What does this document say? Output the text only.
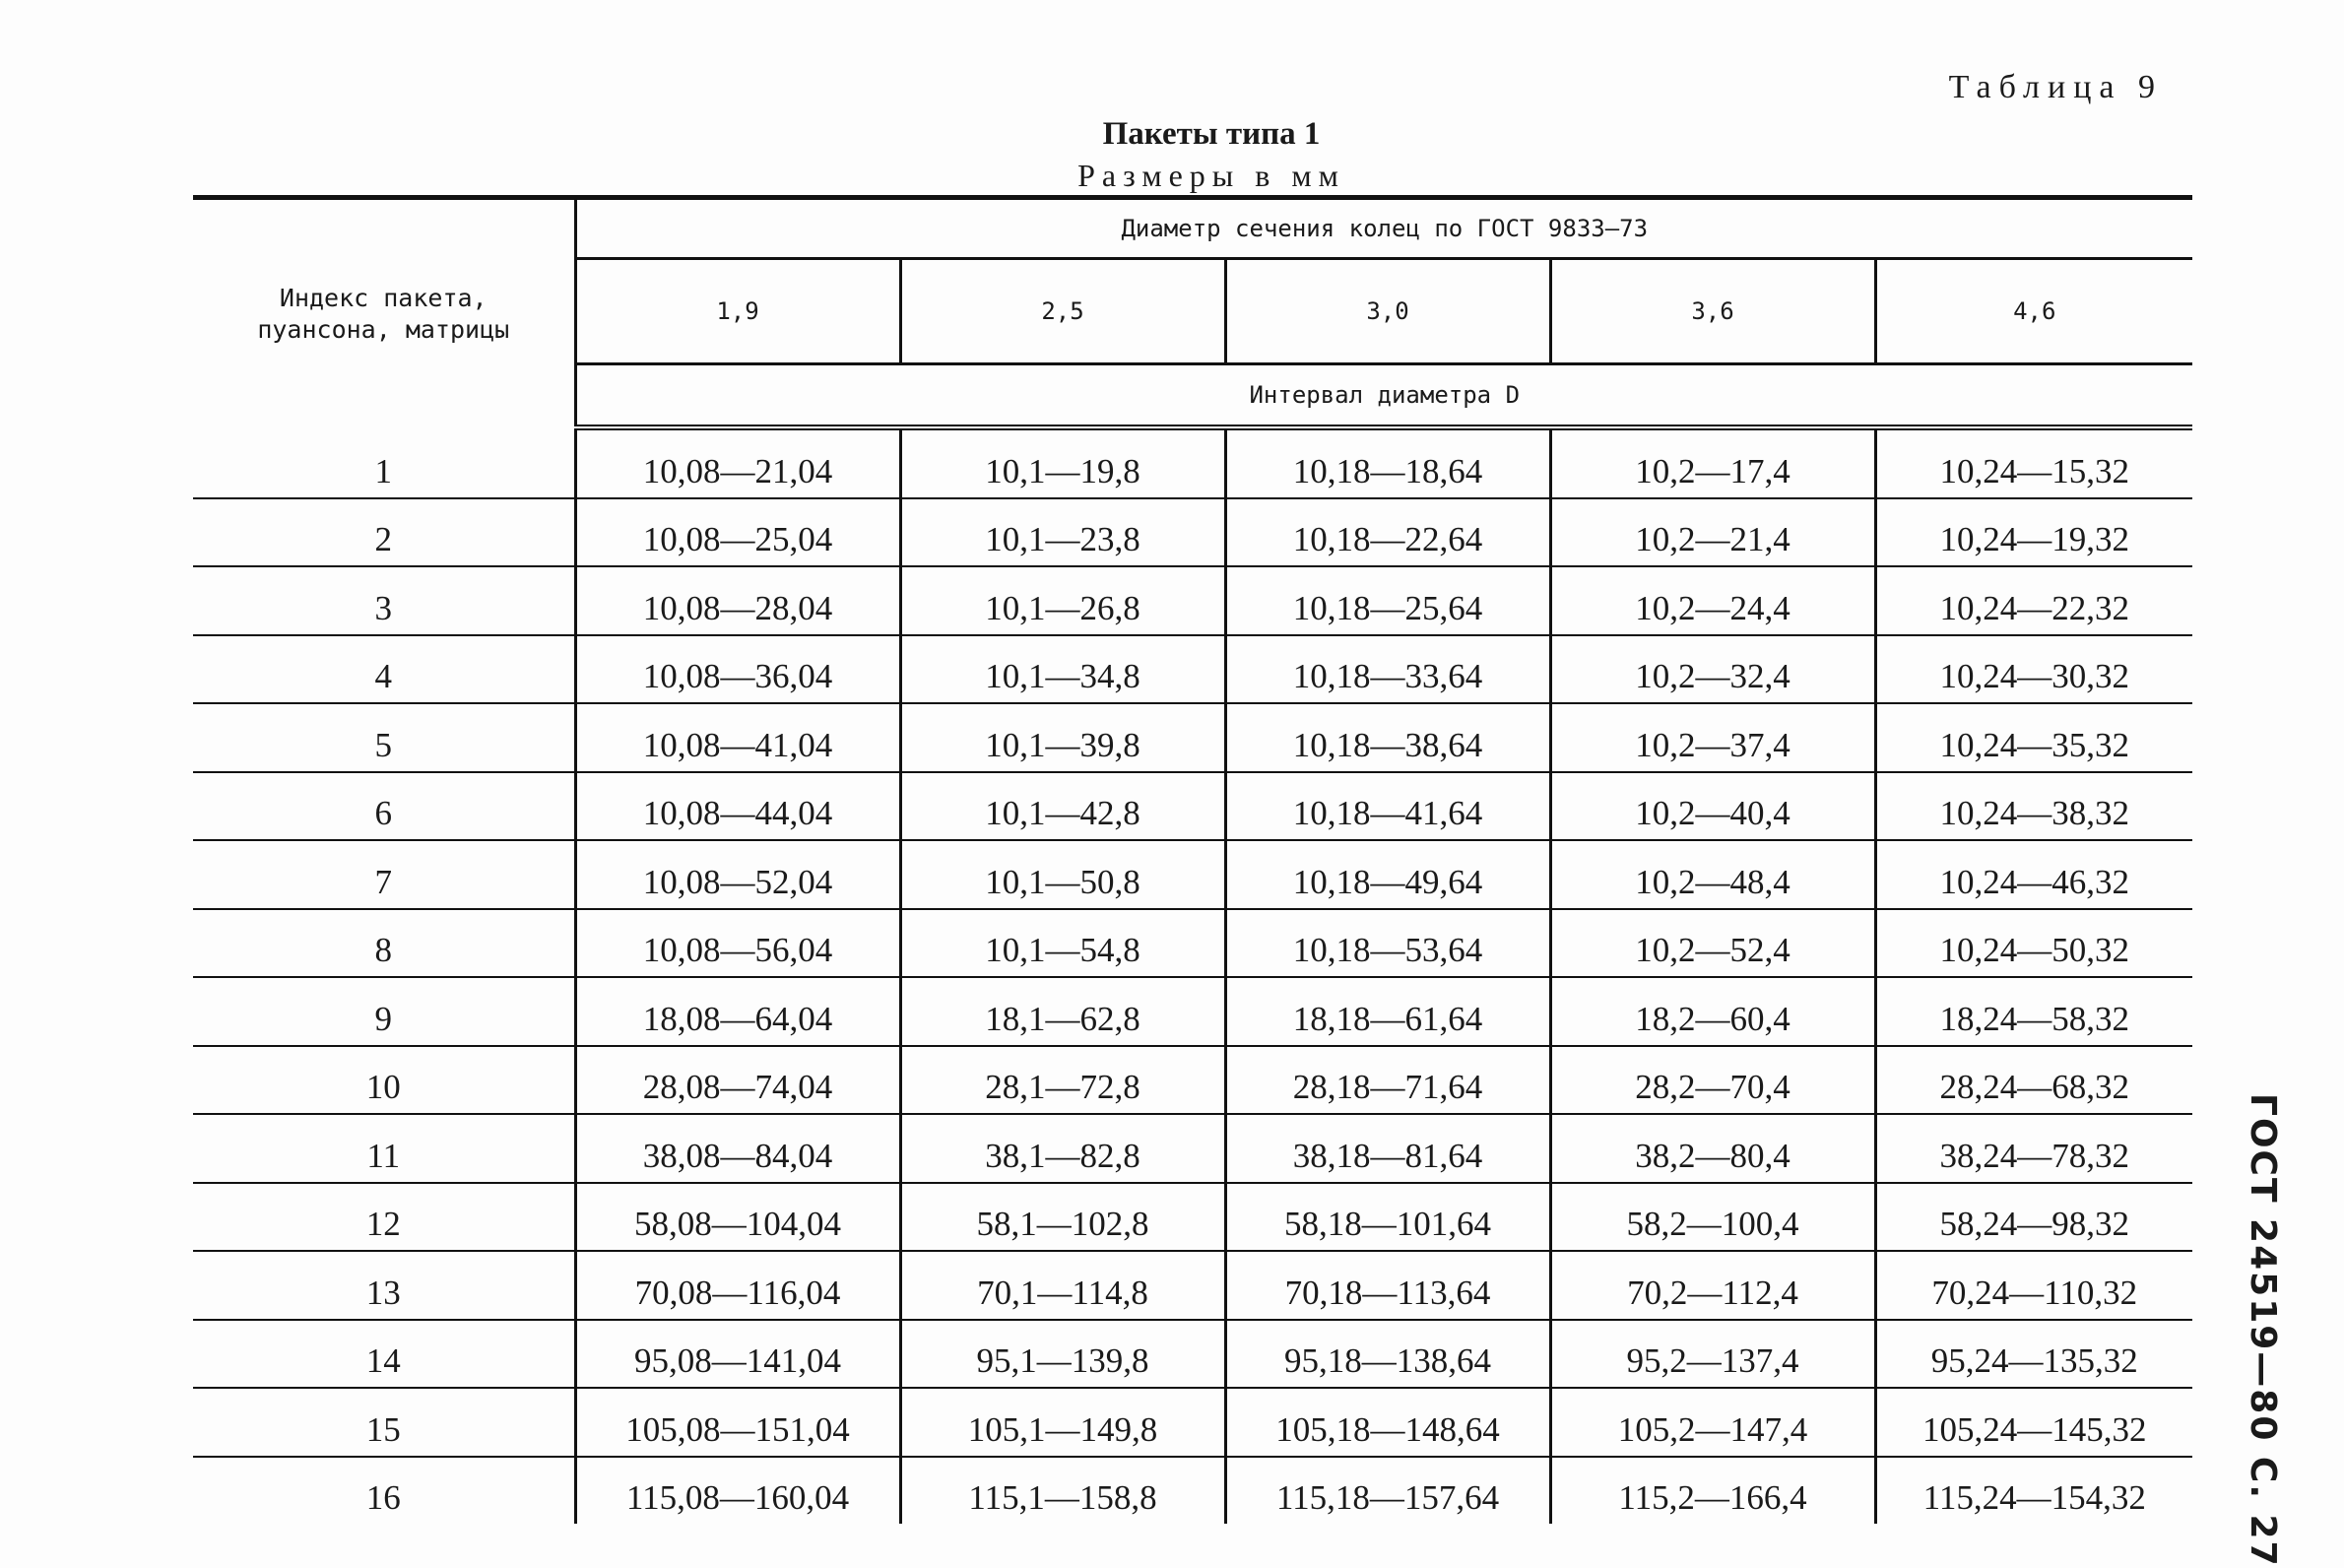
Таблица 9
Пакеты типа 1
Размеры в мм
Индекс пакета,
пуансона, матрицы	Диаметр сечения колец по ГОСТ 9833—73				
	1,9	2,5	3,0	3,6	4,6
	Интервал диаметра D				
1	10,08—21,04	10,1—19,8	10,18—18,64	10,2—17,4	10,24—15,32
2	10,08—25,04	10,1—23,8	10,18—22,64	10,2—21,4	10,24—19,32
3	10,08—28,04	10,1—26,8	10,18—25,64	10,2—24,4	10,24—22,32
4	10,08—36,04	10,1—34,8	10,18—33,64	10,2—32,4	10,24—30,32
5	10,08—41,04	10,1—39,8	10,18—38,64	10,2—37,4	10,24—35,32
6	10,08—44,04	10,1—42,8	10,18—41,64	10,2—40,4	10,24—38,32
7	10,08—52,04	10,1—50,8	10,18—49,64	10,2—48,4	10,24—46,32
8	10,08—56,04	10,1—54,8	10,18—53,64	10,2—52,4	10,24—50,32
9	18,08—64,04	18,1—62,8	18,18—61,64	18,2—60,4	18,24—58,32
10	28,08—74,04	28,1—72,8	28,18—71,64	28,2—70,4	28,24—68,32
11	38,08—84,04	38,1—82,8	38,18—81,64	38,2—80,4	38,24—78,32
12	58,08—104,04	58,1—102,8	58,18—101,64	58,2—100,4	58,24—98,32
13	70,08—116,04	70,1—114,8	70,18—113,64	70,2—112,4	70,24—110,32
14	95,08—141,04	95,1—139,8	95,18—138,64	95,2—137,4	95,24—135,32
15	105,08—151,04	105,1—149,8	105,18—148,64	105,2—147,4	105,24—145,32
16	115,08—160,04	115,1—158,8	115,18—157,64	115,2—166,4	115,24—154,32	ГОСТ 24519—80 С. 27
